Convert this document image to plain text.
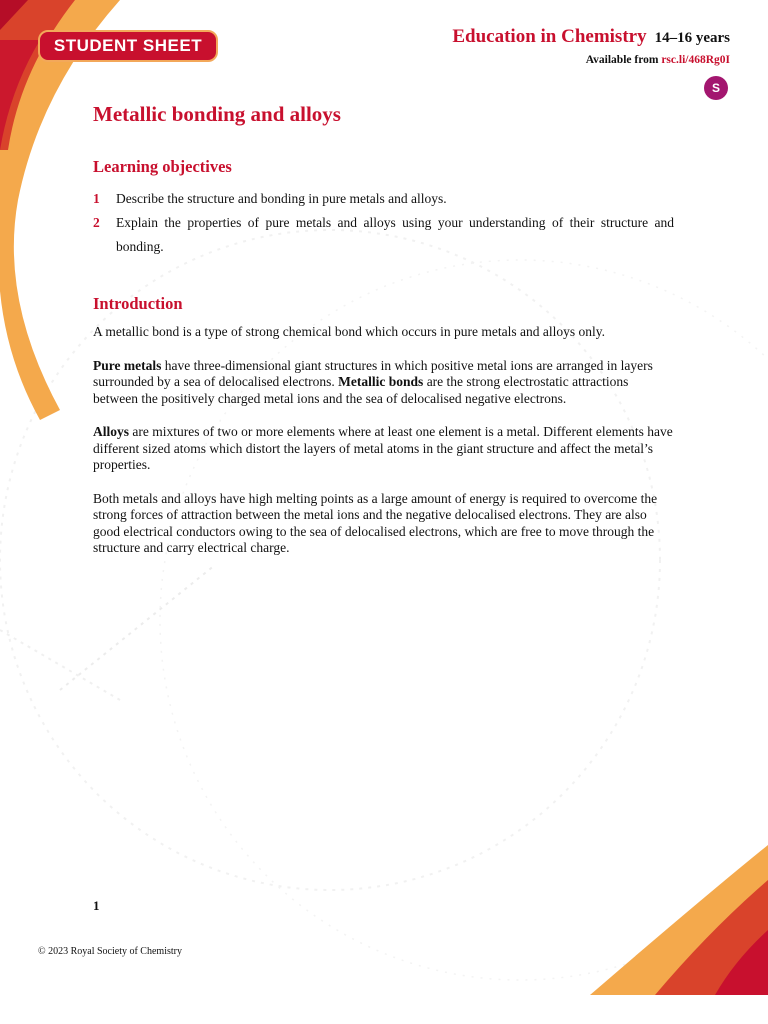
STUDENT SHEET	Education in Chemistry 14–16 years
Available from rsc.li/468Rg0I
S
Metallic bonding and alloys
Learning objectives
1	Describe the structure and bonding in pure metals and alloys.
2	Explain the properties of pure metals and alloys using your understanding of their structure and bonding.
Introduction

A metallic bond is a type of strong chemical bond which occurs in pure metals and alloys only.

Pure metals have three-dimensional giant structures in which positive metal ions are arranged in layers surrounded by a sea of delocalised electrons. Metallic bonds are the strong electrostatic attractions between the positively charged metal ions and the sea of delocalised negative electrons.

Alloys are mixtures of two or more elements where at least one element is a metal. Different elements have different sized atoms which distort the layers of metal atoms in the giant structure and affect the metal’s properties.

Both metals and alloys have high melting points as a large amount of energy is required to overcome the strong forces of attraction between the metal ions and the negative delocalised electrons. They are also good electrical conductors owing to the sea of delocalised electrons, which are free to move through the structure and carry electrical charge.

1
© 2023 Royal Society of Chemistry
